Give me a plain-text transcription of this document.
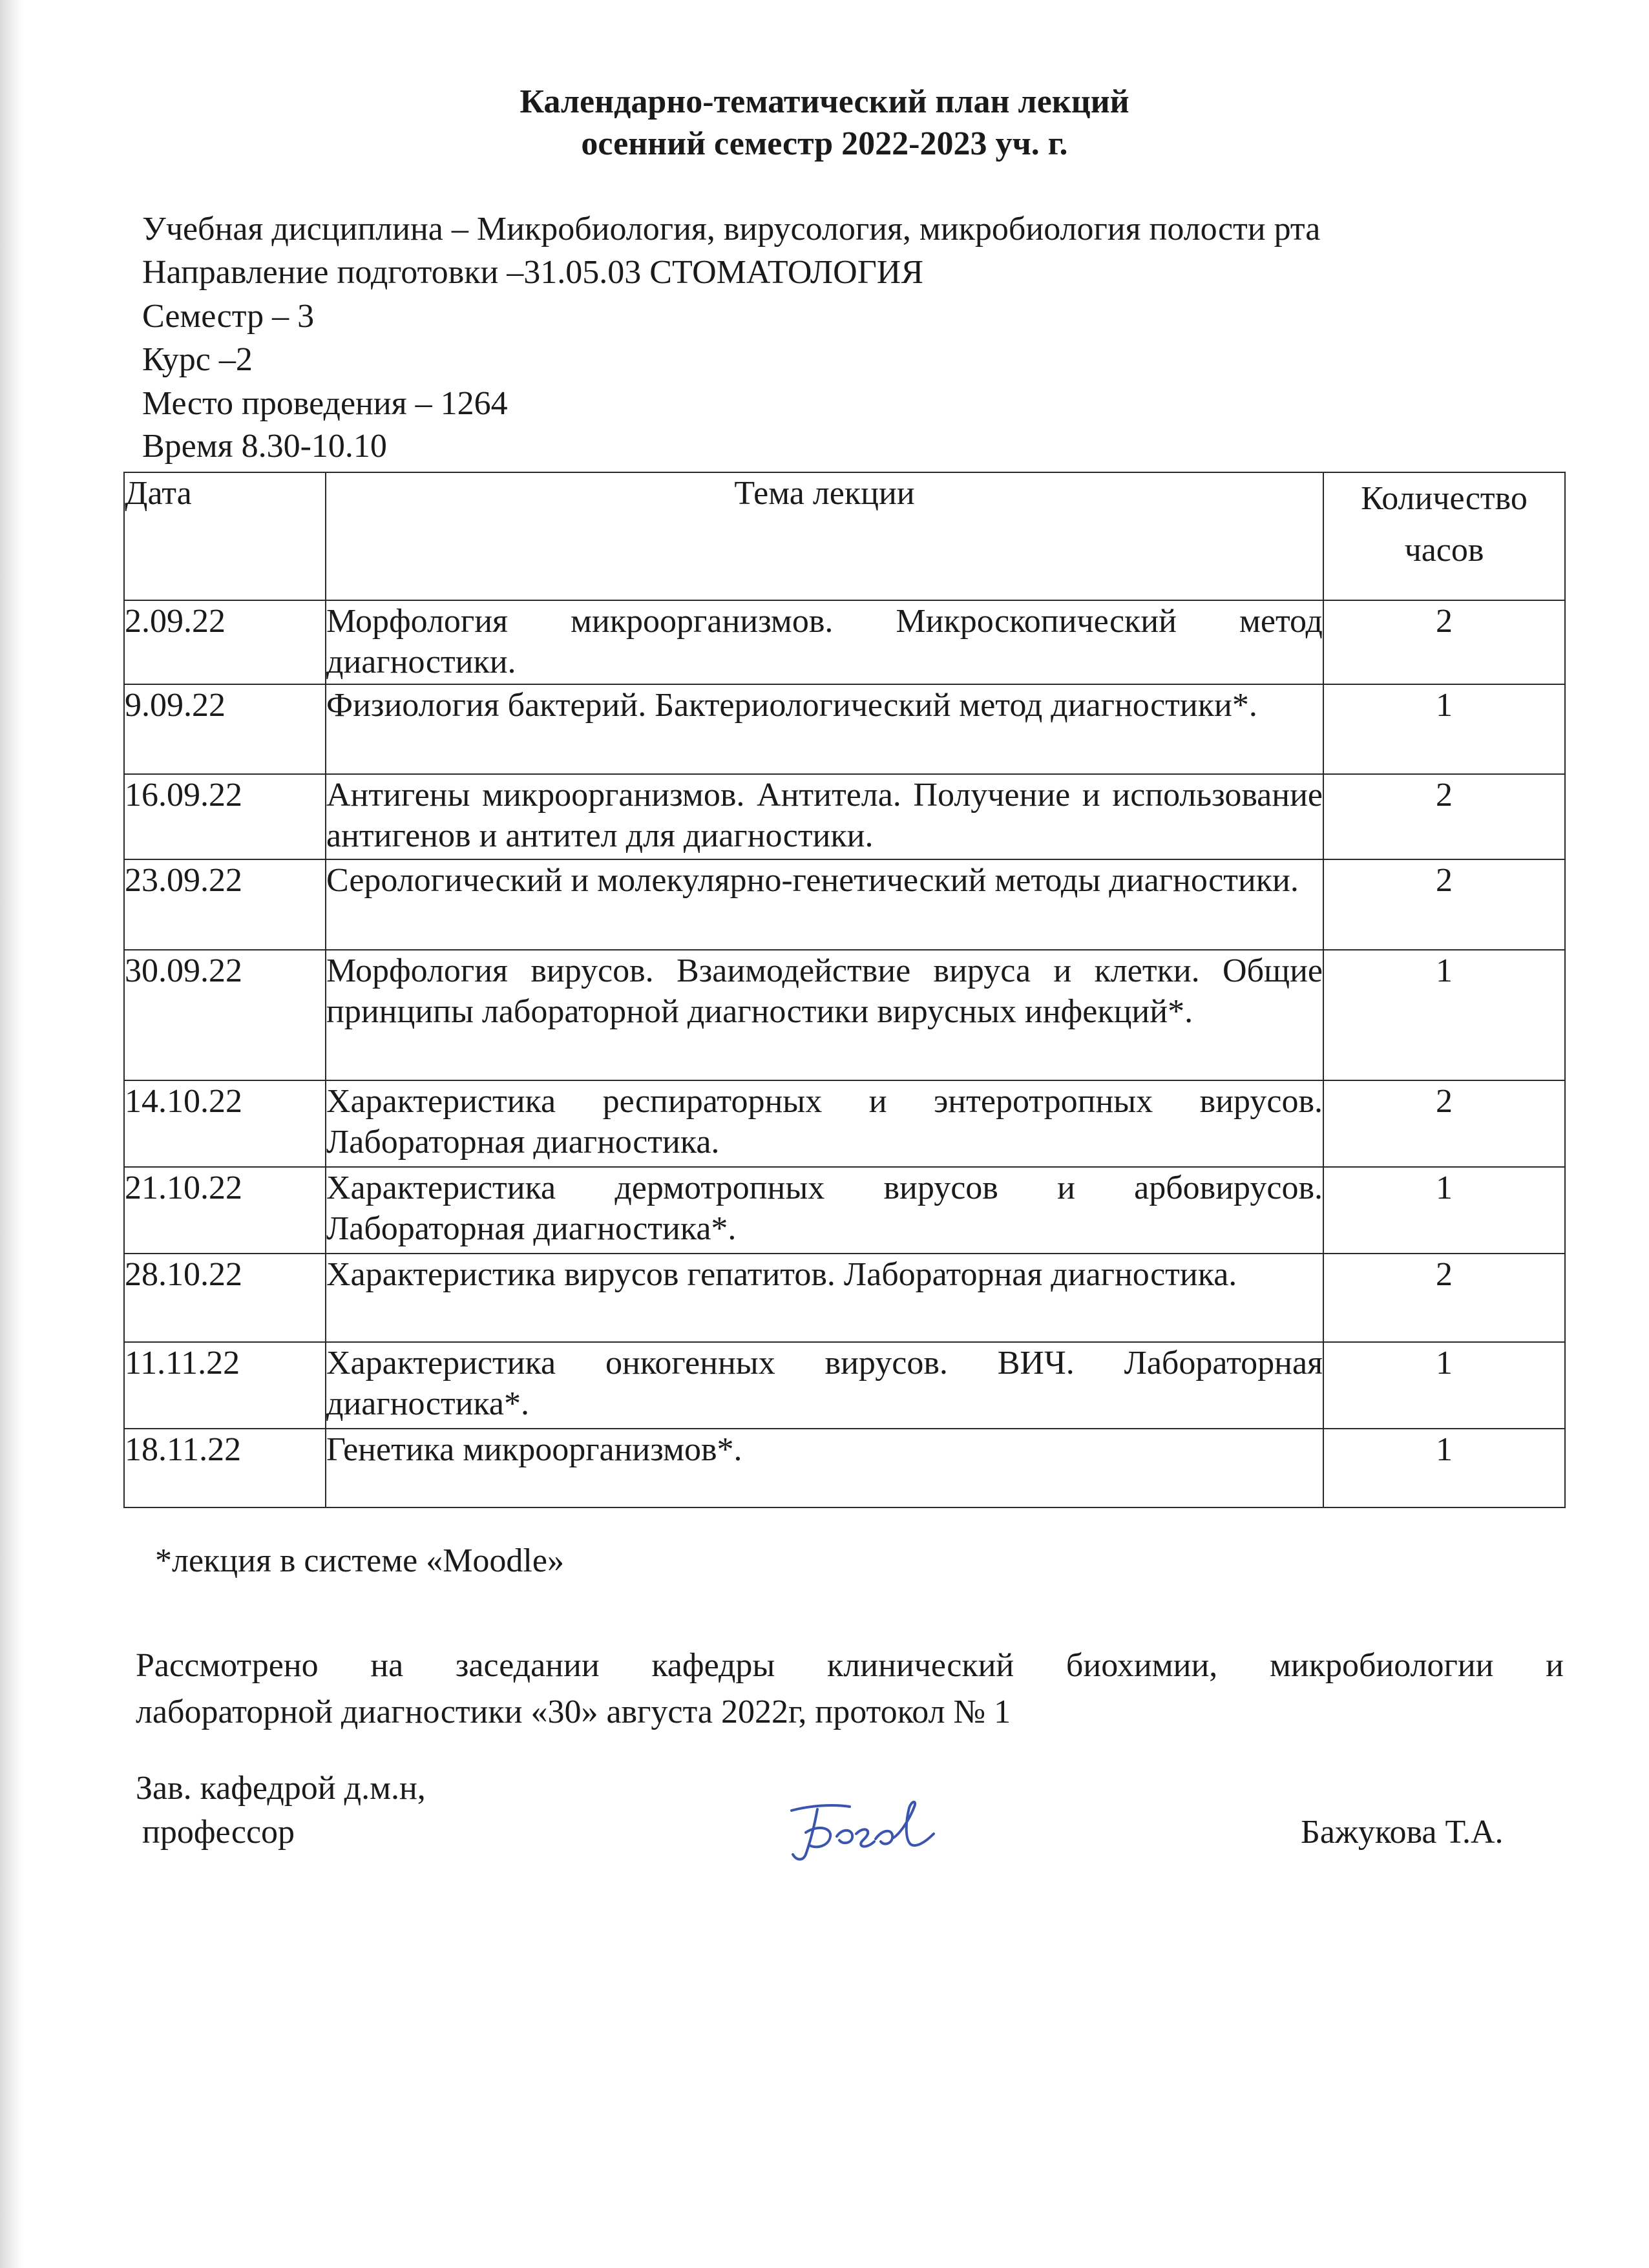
Календарно-тематический план лекций
осенний семестр 2022-2023 уч. г.
Учебная дисциплина – Микробиология, вирусология, микробиология полости рта
Направление подготовки –31.05.03 СТОМАТОЛОГИЯ
Семестр – 3
Курс –2
Место проведения – 1264
Время 8.30-10.10
Дата	Тема лекции	Количество
часов
2.09.22	Морфология микроорганизмов. Микроскопический метод диагностики.	2
9.09.22	Физиология бактерий. Бактериологический метод диагностики*.	1
16.09.22	Антигены микроорганизмов. Антитела. Получение и использование антигенов и антител для диагностики.	2
23.09.22	Серологический и молекулярно-генетический методы диагностики.	2
30.09.22	Морфология вирусов. Взаимодействие вируса и клетки. Общие принципы лабораторной диагностики вирусных инфекций*.	1
14.10.22	Характеристика респираторных и энтеротропных вирусов. Лабораторная диагностика.	2
21.10.22	Характеристика дермотропных вирусов и арбовирусов. Лабораторная диагностика*.	1
28.10.22	Характеристика вирусов гепатитов. Лабораторная диагностика.	2
11.11.22	Характеристика онкогенных вирусов. ВИЧ. Лабораторная диагностика*.	1
18.11.22	Генетика микроорганизмов*.	1
*лекция в системе «Moodle»
Рассмотрено на заседании кафедры клинический биохимии, микробиологии и
лабораторной диагностики «30» августа 2022г, протокол № 1
Зав. кафедрой д.м.н,
профессор	Бажукова Т.А.
